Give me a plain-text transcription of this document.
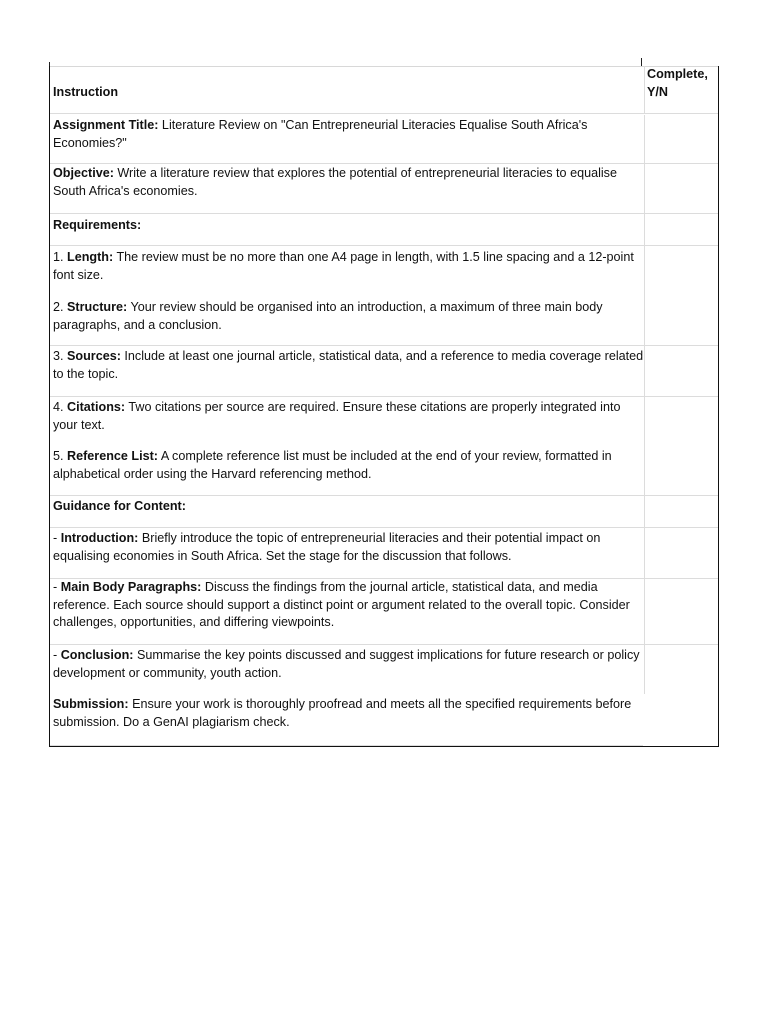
Instruction
Complete,
Y/N
Assignment Title: Literature Review on "Can Entrepreneurial Literacies Equalise South Africa's Economies?"
Objective: Write a literature review that explores the potential of entrepreneurial literacies to equalise South Africa's economies.
Requirements:
1. Length: The review must be no more than one A4 page in length, with 1.5 line spacing and a 12-point font size.
2. Structure: Your review should be organised into an introduction, a maximum of three main body paragraphs, and a conclusion.
3. Sources: Include at least one journal article, statistical data, and a reference to media coverage related to the topic.
4. Citations: Two citations per source are required. Ensure these citations are properly integrated into your text.
5. Reference List: A complete reference list must be included at the end of your review, formatted in alphabetical order using the Harvard referencing method.
Guidance for Content:
- Introduction: Briefly introduce the topic of entrepreneurial literacies and their potential impact on equalising economies in South Africa. Set the stage for the discussion that follows.
- Main Body Paragraphs: Discuss the findings from the journal article, statistical data, and media reference. Each source should support a distinct point or argument related to the overall topic. Consider challenges, opportunities, and differing viewpoints.
- Conclusion: Summarise the key points discussed and suggest implications for future research or policy development or community, youth action.
Submission: Ensure your work is thoroughly proofread and meets all the specified requirements before submission. Do a GenAI plagiarism check.
